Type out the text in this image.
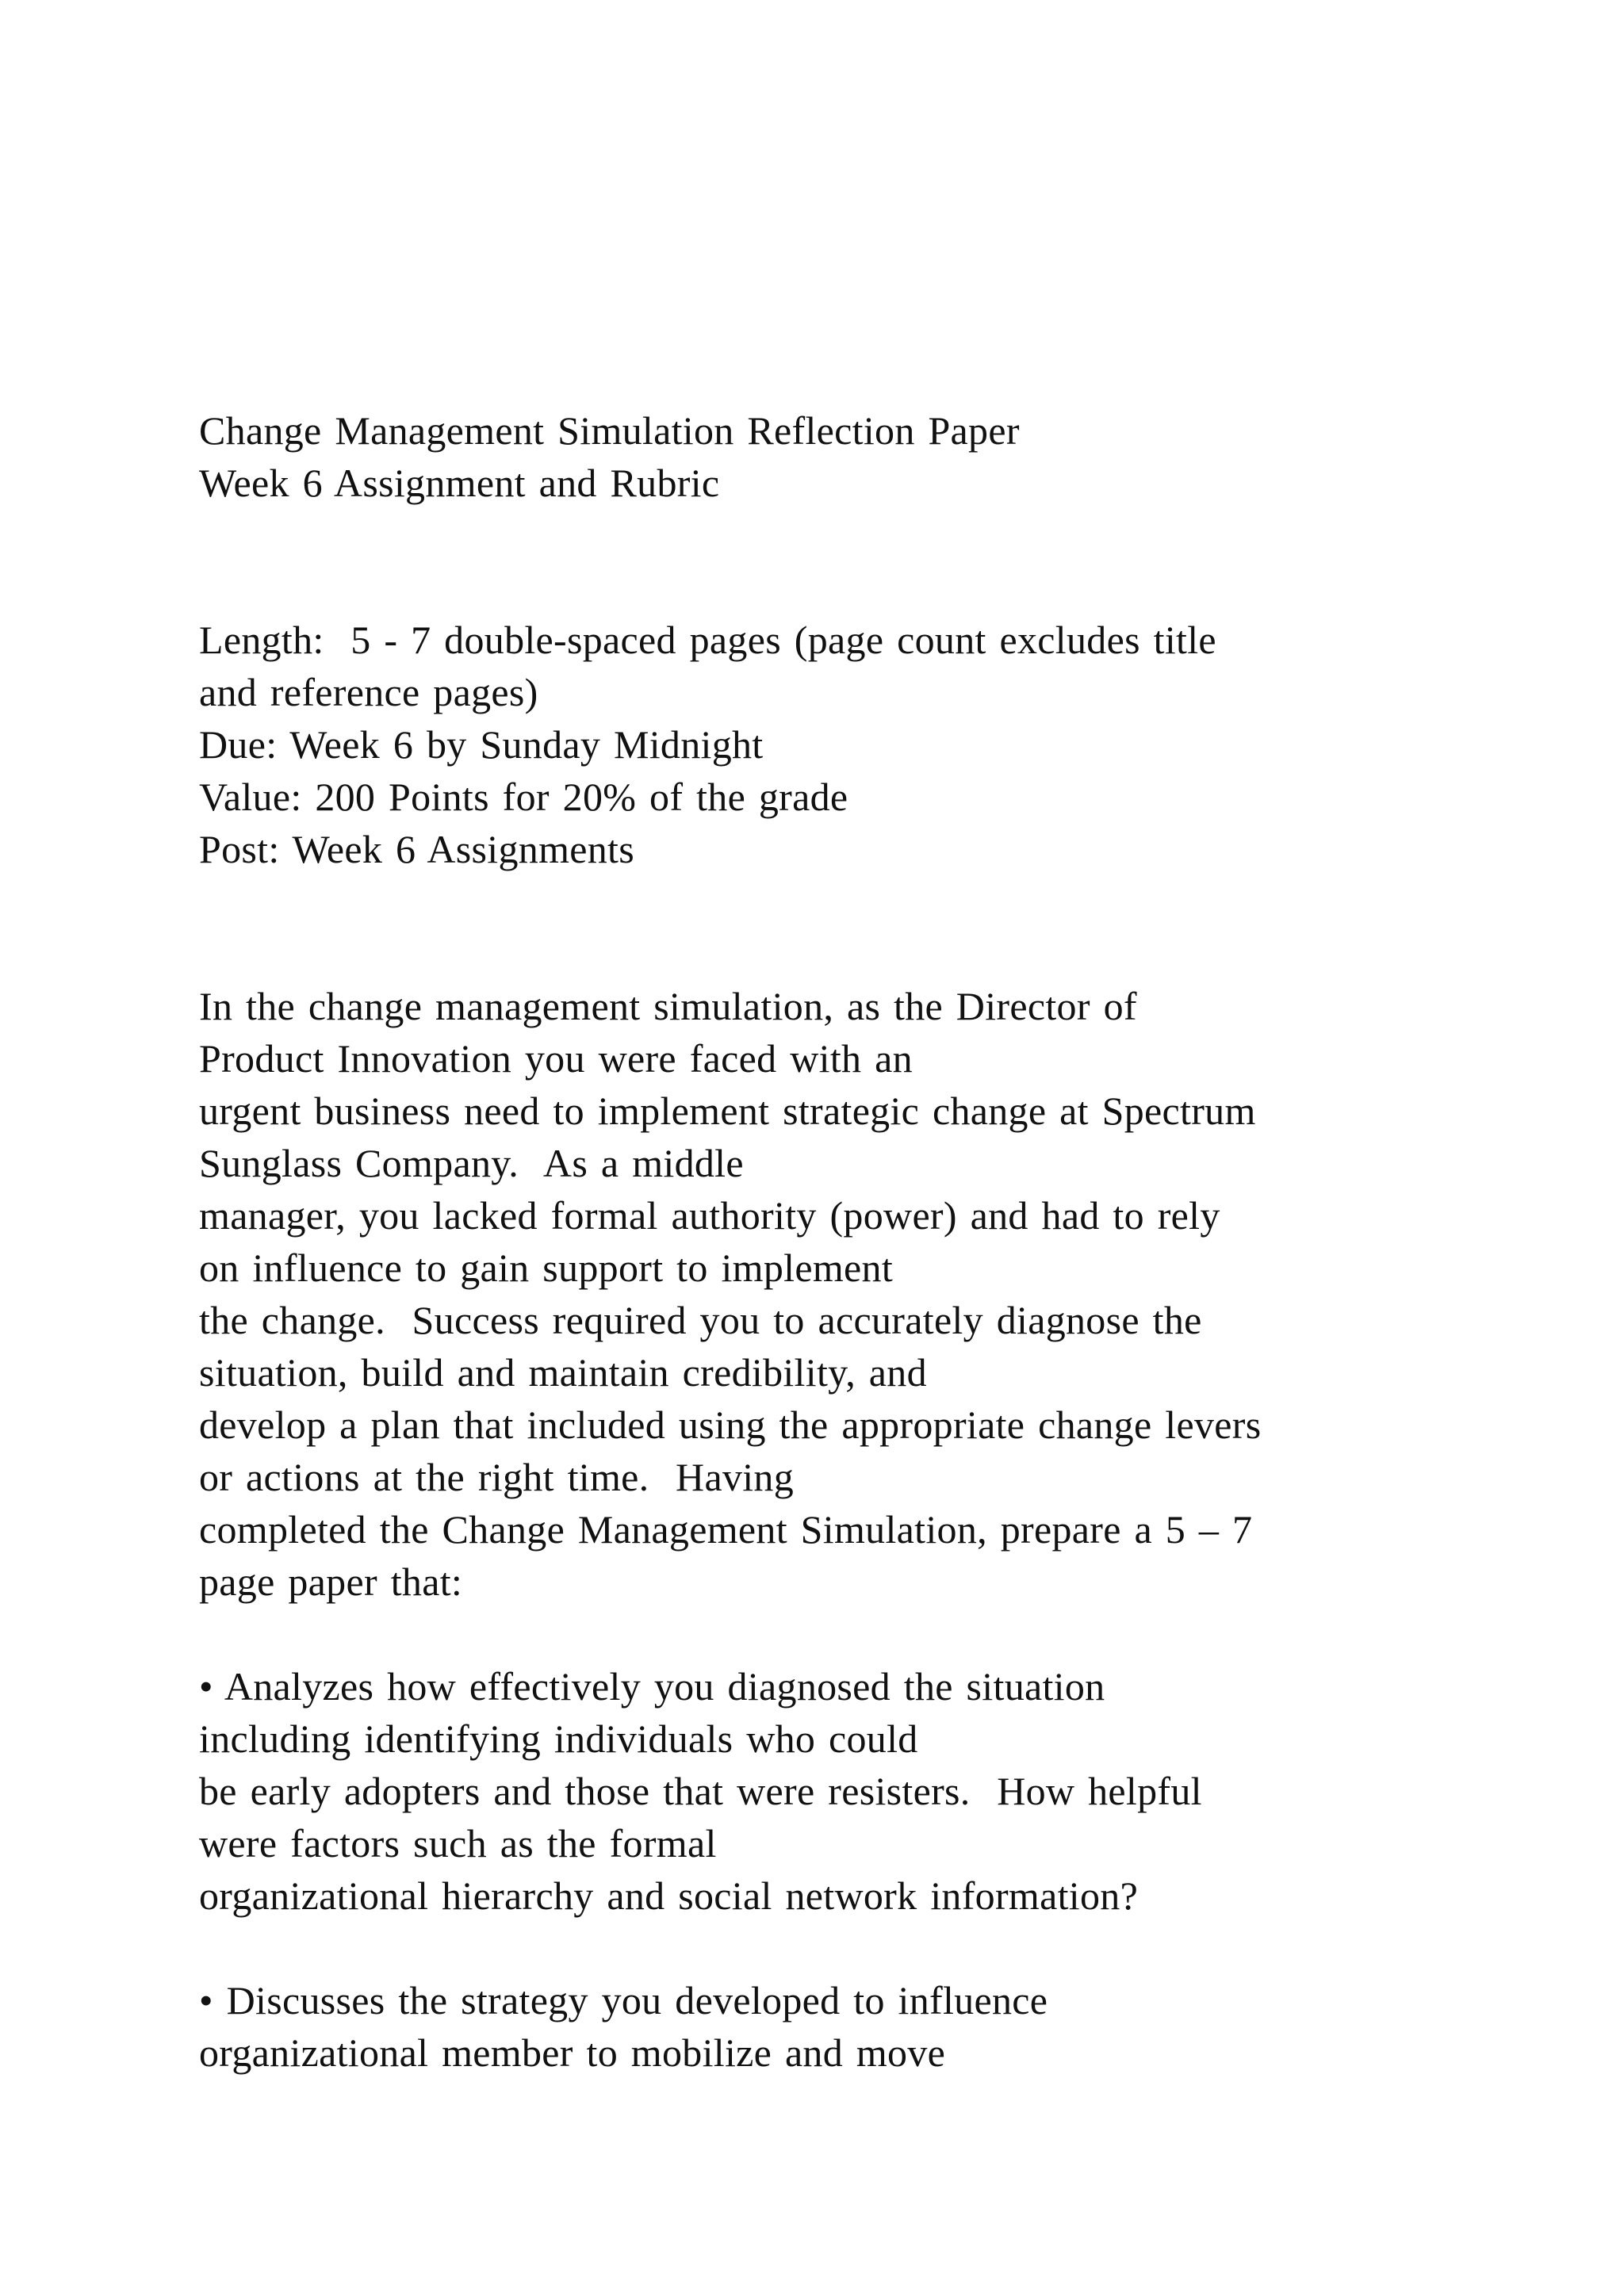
Change Management Simulation Reflection Paper
Week 6 Assignment and Rubric
Length:  5 - 7 double-spaced pages (page count excludes title
and reference pages)
Due: Week 6 by Sunday Midnight
Value: 200 Points for 20% of the grade
Post: Week 6 Assignments
In the change management simulation, as the Director of
Product Innovation you were faced with an
urgent business need to implement strategic change at Spectrum
Sunglass Company.  As a middle
manager, you lacked formal authority (power) and had to rely
on influence to gain support to implement
the change.  Success required you to accurately diagnose the
situation, build and maintain credibility, and
develop a plan that included using the appropriate change levers
or actions at the right time.  Having
completed the Change Management Simulation, prepare a 5 – 7
page paper that:
• Analyzes how effectively you diagnosed the situation
including identifying individuals who could
be early adopters and those that were resisters.  How helpful
were factors such as the formal
organizational hierarchy and social network information?
• Discusses the strategy you developed to influence
organizational member to mobilize and move
